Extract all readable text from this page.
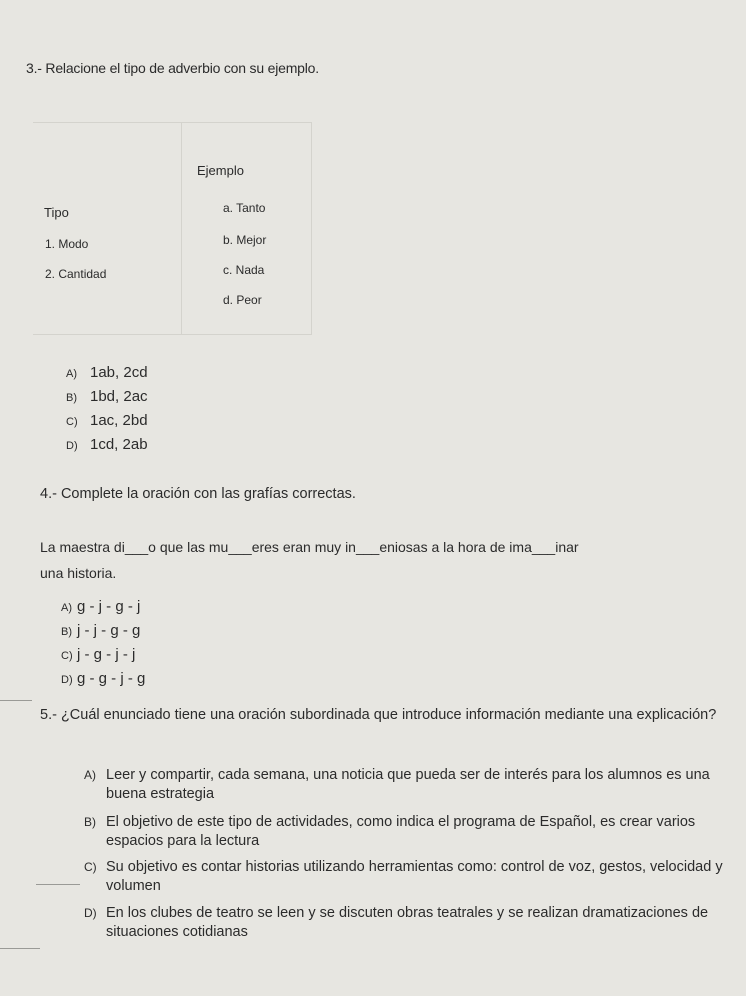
3.- Relacione el tipo de adverbio con su ejemplo.
Ejemplo
Tipo
1. Modo
2. Cantidad
a. Tanto
b. Mejor
c. Nada
d. Peor
A) 1ab, 2cd
B) 1bd, 2ac
C) 1ac, 2bd
D) 1cd, 2ab
4.- Complete la oración con las grafías correctas.
La maestra di___o que las mu___eres eran muy in___eniosas a la hora de ima___inar
una historia.
A) g - j - g - j
B) j - j - g - g
C) j - g - j - j
D) g - g - j - g
5.- ¿Cuál enunciado tiene una oración subordinada que introduce información mediante una explicación?
A) Leer y compartir, cada semana, una noticia que pueda ser de interés para los alumnos es una buena estrategia
B) El objetivo de este tipo de actividades, como indica el programa de Español, es crear varios espacios para la lectura
C) Su objetivo es contar historias utilizando herramientas como: control de voz, gestos, velocidad y volumen
D) En los clubes de teatro se leen y se discuten obras teatrales y se realizan dramatizaciones de situaciones cotidianas
